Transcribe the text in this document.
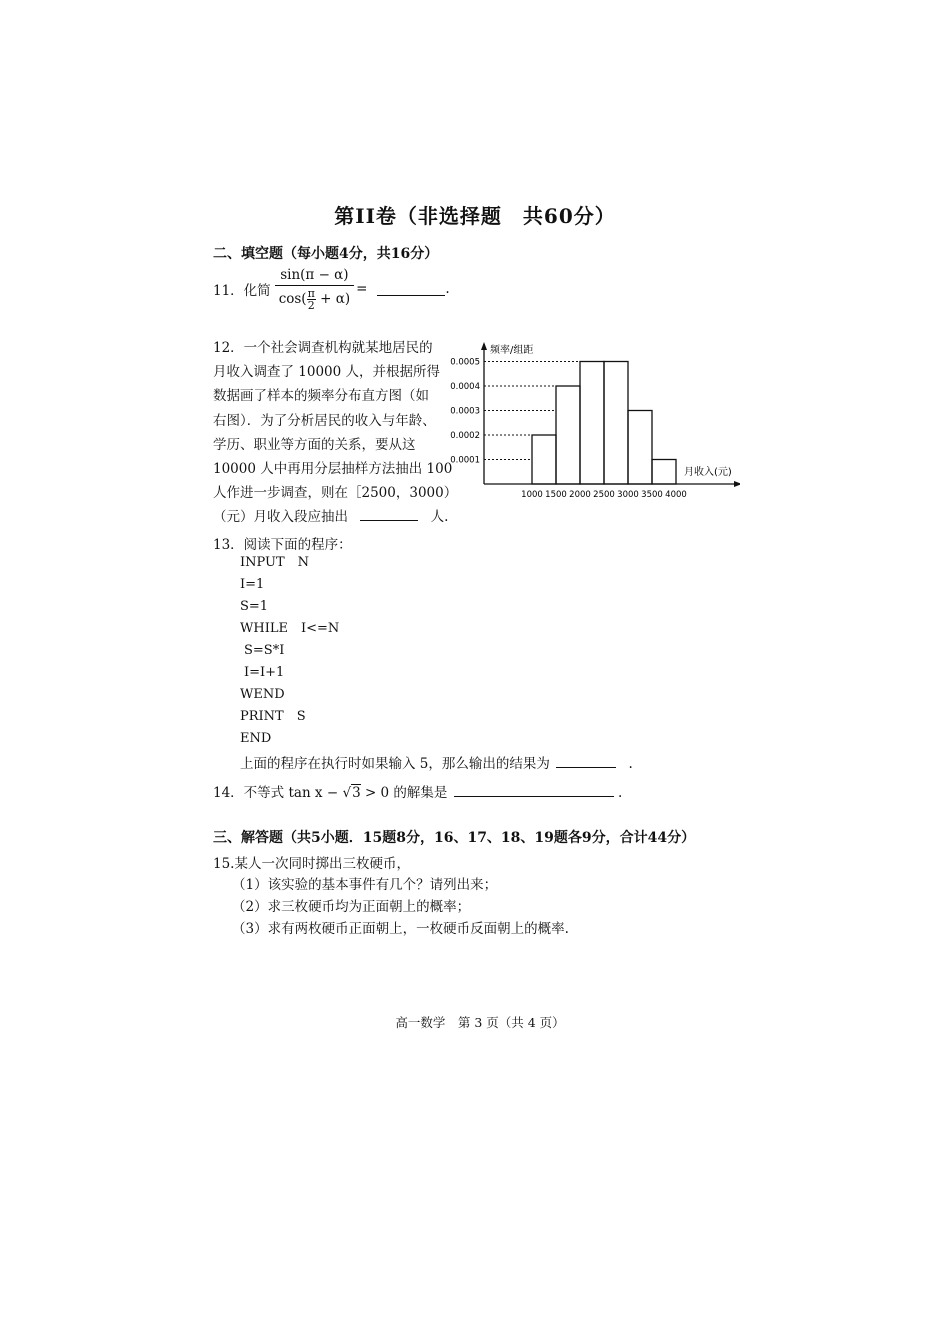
第II卷（非选择题　共60分）
二、填空题（每小题4分，共16分）
11．化简 $\frac{\sin(\pi - \alpha)}{\cos( \frac{\pi}{2} + \alpha)}$ =	.
12．一个社会调查机构就某地居民的
月收入调查了 10000 人，并根据所得
数据画了样本的频率分布直方图（如
右图）．为了分析居民的收入与年龄、
学历、职业等方面的关系，要从这
10000 人中再用分层抽样方法抽出 100
人作进一步调查，则在［2500，3000）
（元）月收入段应抽出	人.
0.0001
0.0002
0.0003
0.0004
0.0005
1000 1500 2000 2500 3000 3500 4000
频率/组距
月收入(元)
13．阅读下面的程序：
INPUT　N
I=1
S=1
WHILE　I<=N
S=S*I
I=I+1
WEND
PRINT　S
END
上面的程序在执行时如果输入 5，那么输出的结果为	.
14．不等式 tan x − √3 > 0 的解集是	.
三、解答题（共5小题．15题8分，16、17、18、19题各9分，合计44分）
15.某人一次同时掷出三枚硬币，
（1）该实验的基本事件有几个？请列出来；
（2）求三枚硬币均为正面朝上的概率；
（3）求有两枚硬币正面朝上，一枚硬币反面朝上的概率.
高一数学　第 3 页（共 4 页）
